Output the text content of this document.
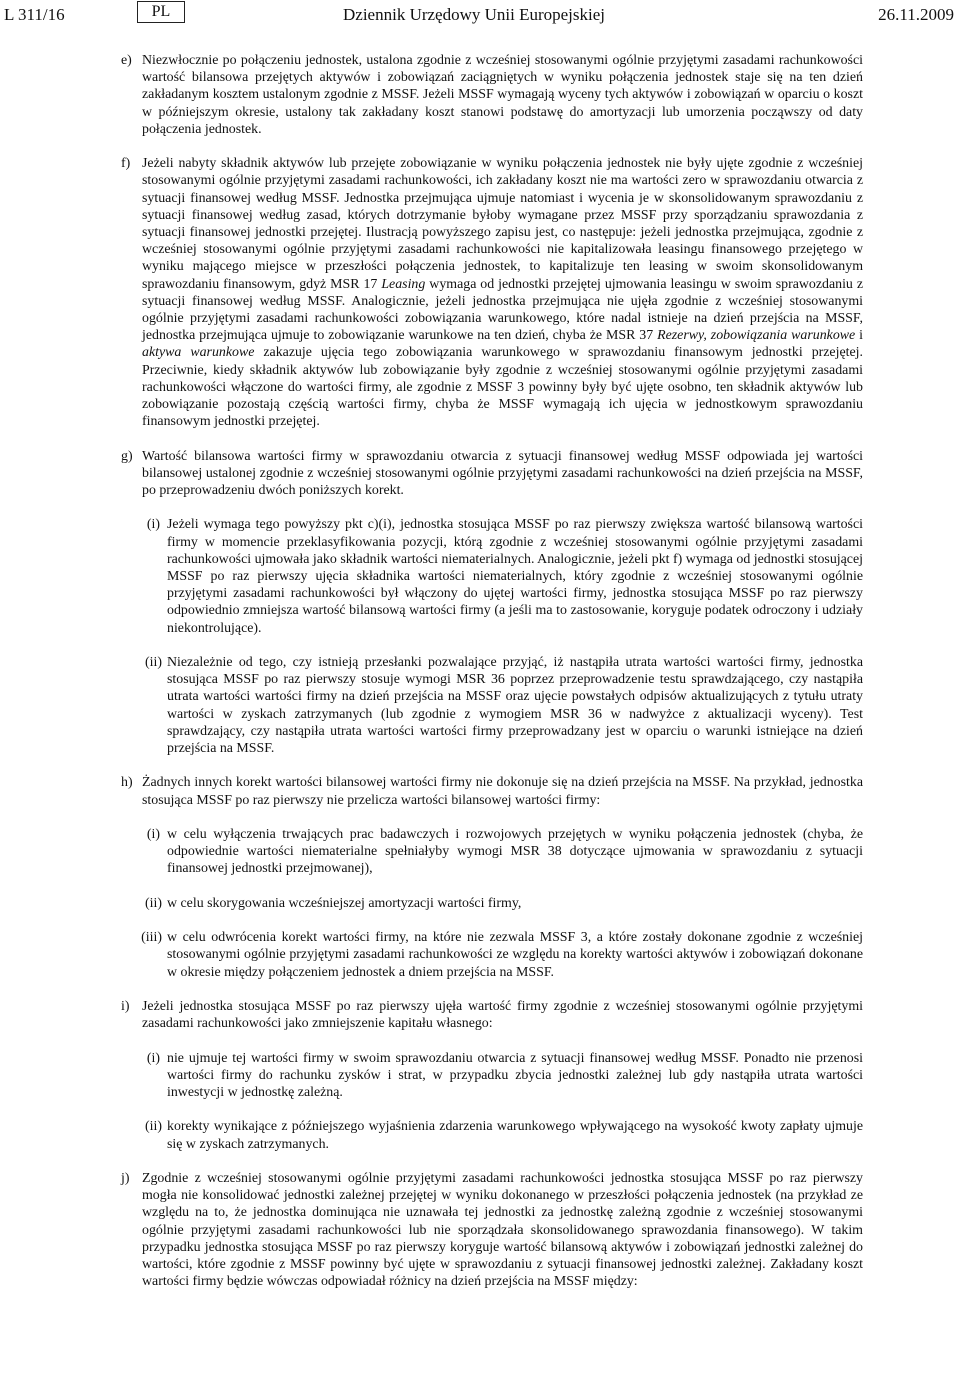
L 311/16	PL	Dziennik Urzędowy Unii Europejskiej	26.11.2009
e) Niezwłocznie po połączeniu jednostek, ustalona zgodnie z wcześniej stosowanymi ogólnie przyjętymi zasadami rachunkowości wartość bilansowa przejętych aktywów i zobowiązań zaciągniętych w wyniku połączenia jednostek staje się na ten dzień zakładanym kosztem ustalonym zgodnie z MSSF. Jeżeli MSSF wymagają wyceny tych aktywów i zobowiązań w oparciu o koszt w późniejszym okresie, ustalony tak zakładany koszt stanowi podstawę do amortyzacji lub umorzenia począwszy od daty połączenia jednostek.

f) Jeżeli nabyty składnik aktywów lub przejęte zobowiązanie w wyniku połączenia jednostek nie były ujęte zgodnie z wcześniej stosowanymi ogólnie przyjętymi zasadami rachunkowości, ich zakładany koszt nie ma wartości zero w sprawozdaniu otwarcia z sytuacji finansowej według MSSF. Jednostka przejmująca ujmuje natomiast i wycenia je w skonsolidowanym sprawozdaniu z sytuacji finansowej według zasad, których dotrzymanie byłoby wymagane przez MSSF przy sporządzaniu sprawozdania z sytuacji finansowej jednostki przejętej. Ilustracją powyższego zapisu jest, co następuje: jeżeli jednostka przejmująca, zgodnie z wcześniej stosowanymi ogólnie przyjętymi zasadami rachunkowości nie kapitalizowała leasingu finansowego przejętego w wyniku mającego miejsce w przeszłości połączenia jednostek, to kapitalizuje ten leasing w swoim skonsolidowanym sprawozdaniu finansowym, gdyż MSR 17 Leasing wymaga od jednostki przejętej ujmowania leasingu w swoim sprawozdaniu z sytuacji finansowej według MSSF. Analogicznie, jeżeli jednostka przejmująca nie ujęła zgodnie z wcześniej stosowanymi ogólnie przyjętymi zasadami rachunkowości zobowiązania warunkowego, które nadal istnieje na dzień przejścia na MSSF, jednostka przejmująca ujmuje to zobowiązanie warunkowe na ten dzień, chyba że MSR 37 Rezerwy, zobowiązania warunkowe i aktywa warunkowe zakazuje ujęcia tego zobowiązania warunkowego w sprawozdaniu finansowym jednostki przejętej. Przeciwnie, kiedy składnik aktywów lub zobowiązanie były zgodnie z wcześniej stosowanymi ogólnie przyjętymi zasadami rachunkowości włączone do wartości firmy, ale zgodnie z MSSF 3 powinny były być ujęte osobno, ten składnik aktywów lub zobowiązanie pozostają częścią wartości firmy, chyba że MSSF wymagają ich ujęcia w jednostkowym sprawozdaniu finansowym jednostki przejętej.

g) Wartość bilansowa wartości firmy w sprawozdaniu otwarcia z sytuacji finansowej według MSSF odpowiada jej wartości bilansowej ustalonej zgodnie z wcześniej stosowanymi ogólnie przyjętymi zasadami rachunkowości na dzień przejścia na MSSF, po przeprowadzeniu dwóch poniższych korekt.

(i) Jeżeli wymaga tego powyższy pkt c)(i), jednostka stosująca MSSF po raz pierwszy zwiększa wartość bilansową wartości firmy w momencie przeklasyfikowania pozycji, którą zgodnie z wcześniej stosowanymi ogólnie przyjętymi zasadami rachunkowości ujmowała jako składnik wartości niematerialnych. Analogicznie, jeżeli pkt f) wymaga od jednostki stosującej MSSF po raz pierwszy ujęcia składnika wartości niematerialnych, który zgodnie z wcześniej stosowanymi ogólnie przyjętymi zasadami rachunkowości był włączony do ujętej wartości firmy, jednostka stosująca MSSF po raz pierwszy odpowiednio zmniejsza wartość bilansową wartości firmy (a jeśli ma to zastosowanie, koryguje podatek odroczony i udziały niekontrolujące).

(ii) Niezależnie od tego, czy istnieją przesłanki pozwalające przyjąć, iż nastąpiła utrata wartości wartości firmy, jednostka stosująca MSSF po raz pierwszy stosuje wymogi MSR 36 poprzez przeprowadzenie testu sprawdzającego, czy nastąpiła utrata wartości wartości firmy na dzień przejścia na MSSF oraz ujęcie powstałych odpisów aktualizujących z tytułu utraty wartości w zyskach zatrzymanych (lub zgodnie z wymogiem MSR 36 w nadwyżce z aktualizacji wyceny). Test sprawdzający, czy nastąpiła utrata wartości wartości firmy przeprowadzany jest w oparciu o warunki istniejące na dzień przejścia na MSSF.

h) Żadnych innych korekt wartości bilansowej wartości firmy nie dokonuje się na dzień przejścia na MSSF. Na przykład, jednostka stosująca MSSF po raz pierwszy nie przelicza wartości bilansowej wartości firmy:

(i) w celu wyłączenia trwających prac badawczych i rozwojowych przejętych w wyniku połączenia jednostek (chyba, że odpowiednie wartości niematerialne spełniałyby wymogi MSR 38 dotyczące ujmowania w sprawozdaniu z sytuacji finansowej jednostki przejmowanej),

(ii) w celu skorygowania wcześniejszej amortyzacji wartości firmy,

(iii) w celu odwrócenia korekt wartości firmy, na które nie zezwala MSSF 3, a które zostały dokonane zgodnie z wcześniej stosowanymi ogólnie przyjętymi zasadami rachunkowości ze względu na korekty wartości aktywów i zobowiązań dokonane w okresie między połączeniem jednostek a dniem przejścia na MSSF.

i) Jeżeli jednostka stosująca MSSF po raz pierwszy ujęła wartość firmy zgodnie z wcześniej stosowanymi ogólnie przyjętymi zasadami rachunkowości jako zmniejszenie kapitału własnego:

(i) nie ujmuje tej wartości firmy w swoim sprawozdaniu otwarcia z sytuacji finansowej według MSSF. Ponadto nie przenosi wartości firmy do rachunku zysków i strat, w przypadku zbycia jednostki zależnej lub gdy nastąpiła utrata wartości inwestycji w jednostkę zależną.

(ii) korekty wynikające z późniejszego wyjaśnienia zdarzenia warunkowego wpływającego na wysokość kwoty zapłaty ujmuje się w zyskach zatrzymanych.

j) Zgodnie z wcześniej stosowanymi ogólnie przyjętymi zasadami rachunkowości jednostka stosująca MSSF po raz pierwszy mogła nie konsolidować jednostki zależnej przejętej w wyniku dokonanego w przeszłości połączenia jednostek (na przykład ze względu na to, że jednostka dominująca nie uznawała tej jednostki za jednostkę zależną zgodnie z wcześniej stosowanymi ogólnie przyjętymi zasadami rachunkowości lub nie sporządzała skonsolidowanego sprawozdania finansowego). W takim przypadku jednostka stosująca MSSF po raz pierwszy koryguje wartość bilansową aktywów i zobowiązań jednostki zależnej do wartości, które zgodnie z MSSF powinny być ujęte w sprawozdaniu z sytuacji finansowej jednostki zależnej. Zakładany koszt wartości firmy będzie wówczas odpowiadał różnicy na dzień przejścia na MSSF między:
